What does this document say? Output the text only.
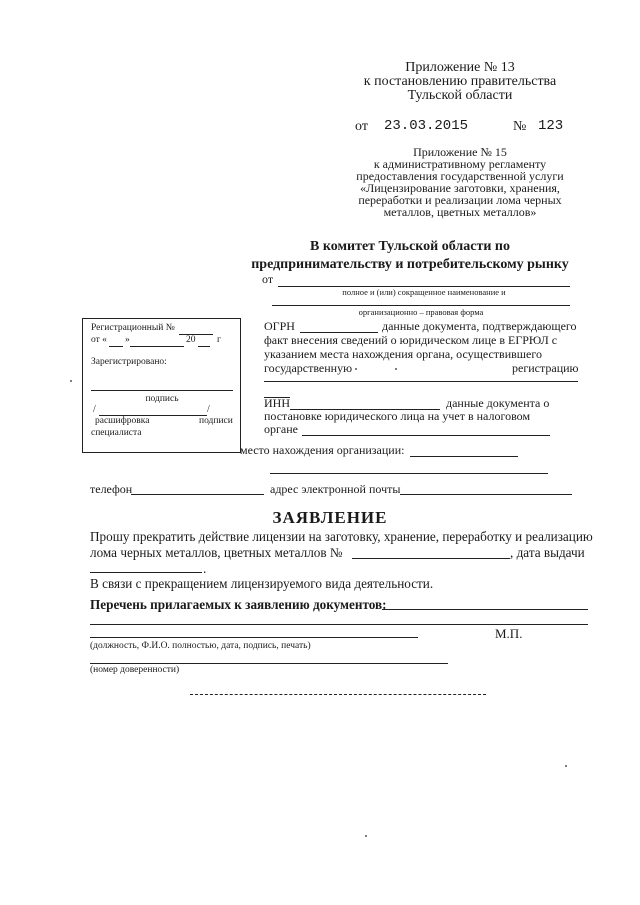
Приложение № 13
к постановлению правительства
Тульской области
от 23.03.2015	№ 123
Приложение № 15
к административному регламенту
предоставления государственной услуги
«Лицензирование заготовки, хранения,
переработки и реализации лома черных
металлов, цветных металлов»
В комитет Тульской области по
предпринимательству и потребительскому рынку
от
полное и (или) сокращенное наименование и
организационно – правовая форма
ОГРН	данные документа, подтверждающего
факт внесения сведений о юридическом лице в ЕГРЮЛ с
указанием места нахождения органа, осуществившего
государственную	регистрацию
ИНН	данные документа о
постановке юридического лица на учет в налоговом
органе
место нахождения организации:
телефон	адрес электронной почты
Регистрационный №
от « »	20 г
Зарегистрировано:
подпись
/	/
расшифровка	подписи
специалиста
ЗАЯВЛЕНИЕ
Прошу прекратить действие лицензии на заготовку, хранение, переработку и реализацию
лома черных металлов, цветных металлов №	, дата выдачи
.
В связи с прекращением лицензируемого вида деятельности.
Перечень прилагаемых к заявлению документов:
М.П.
(должность, Ф.И.О. полностью, дата, подпись, печать)
(номер доверенности)
